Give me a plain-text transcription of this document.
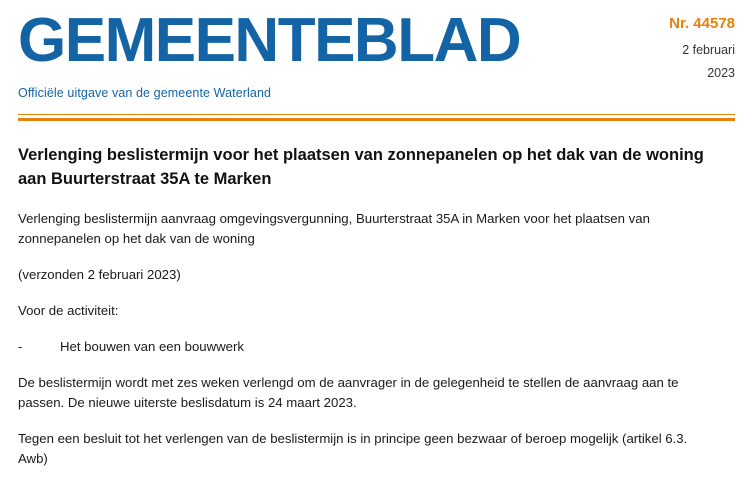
GEMEENTEBLAD
Officiële uitgave van de gemeente Waterland
Nr. 44578
2 februari
2023
Verlenging beslistermijn voor het plaatsen van zonnepanelen op het dak van de woning aan Buurterstraat 35A te Marken

Verlenging beslistermijn aanvraag omgevingsvergunning, Buurterstraat 35A in Marken voor het plaatsen van zonnepanelen op het dak van de woning

(verzonden 2 februari 2023)

Voor de activiteit:

-	Het bouwen van een bouwwerk

De beslistermijn wordt met zes weken verlengd om de aanvrager in de gelegenheid te stellen de aanvraag aan te passen. De nieuwe uiterste beslisdatum is 24 maart 2023.

Tegen een besluit tot het verlengen van de beslistermijn is in principe geen bezwaar of beroep mogelijk (artikel 6.3. Awb)
